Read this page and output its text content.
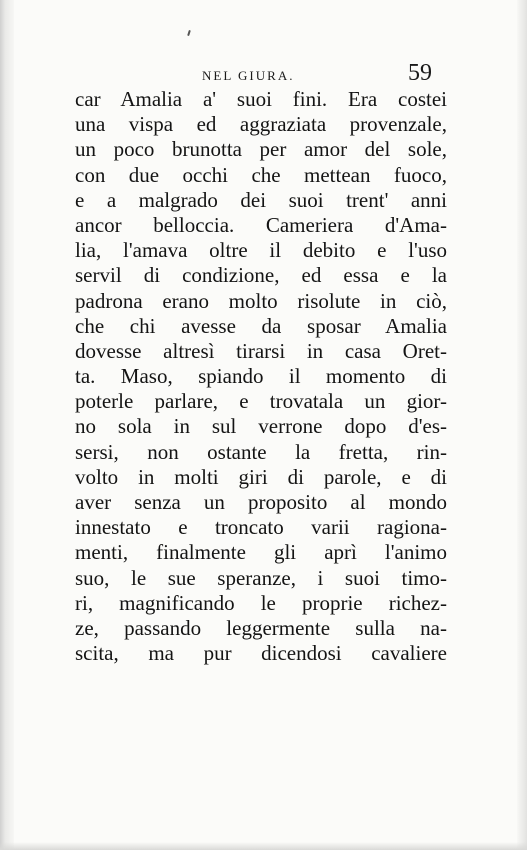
NEL GIURA.	59
car Amalia a' suoi fini. Era costei
una vispa ed aggraziata provenzale,
un poco brunotta per amor del sole,
con due occhi che mettean fuoco,
e a malgrado dei suoi trent' anni
ancor belloccia. Cameriera d'Ama-
lia, l'amava oltre il debito e l'uso
servil di condizione, ed essa e la
padrona erano molto risolute in ciò,
che chi avesse da sposar Amalia
dovesse altresì tirarsi in casa Oret-
ta. Maso, spiando il momento di
poterle parlare, e trovatala un gior-
no sola in sul verrone dopo d'es-
sersi, non ostante la fretta, rin-
volto in molti giri di parole, e di
aver senza un proposito al mondo
innestato e troncato varii ragiona-
menti, finalmente gli aprì l'animo
suo, le sue speranze, i suoi timo-
ri, magnificando le proprie richez-
ze, passando leggermente sulla na-
scita, ma pur dicendosi cavaliere
